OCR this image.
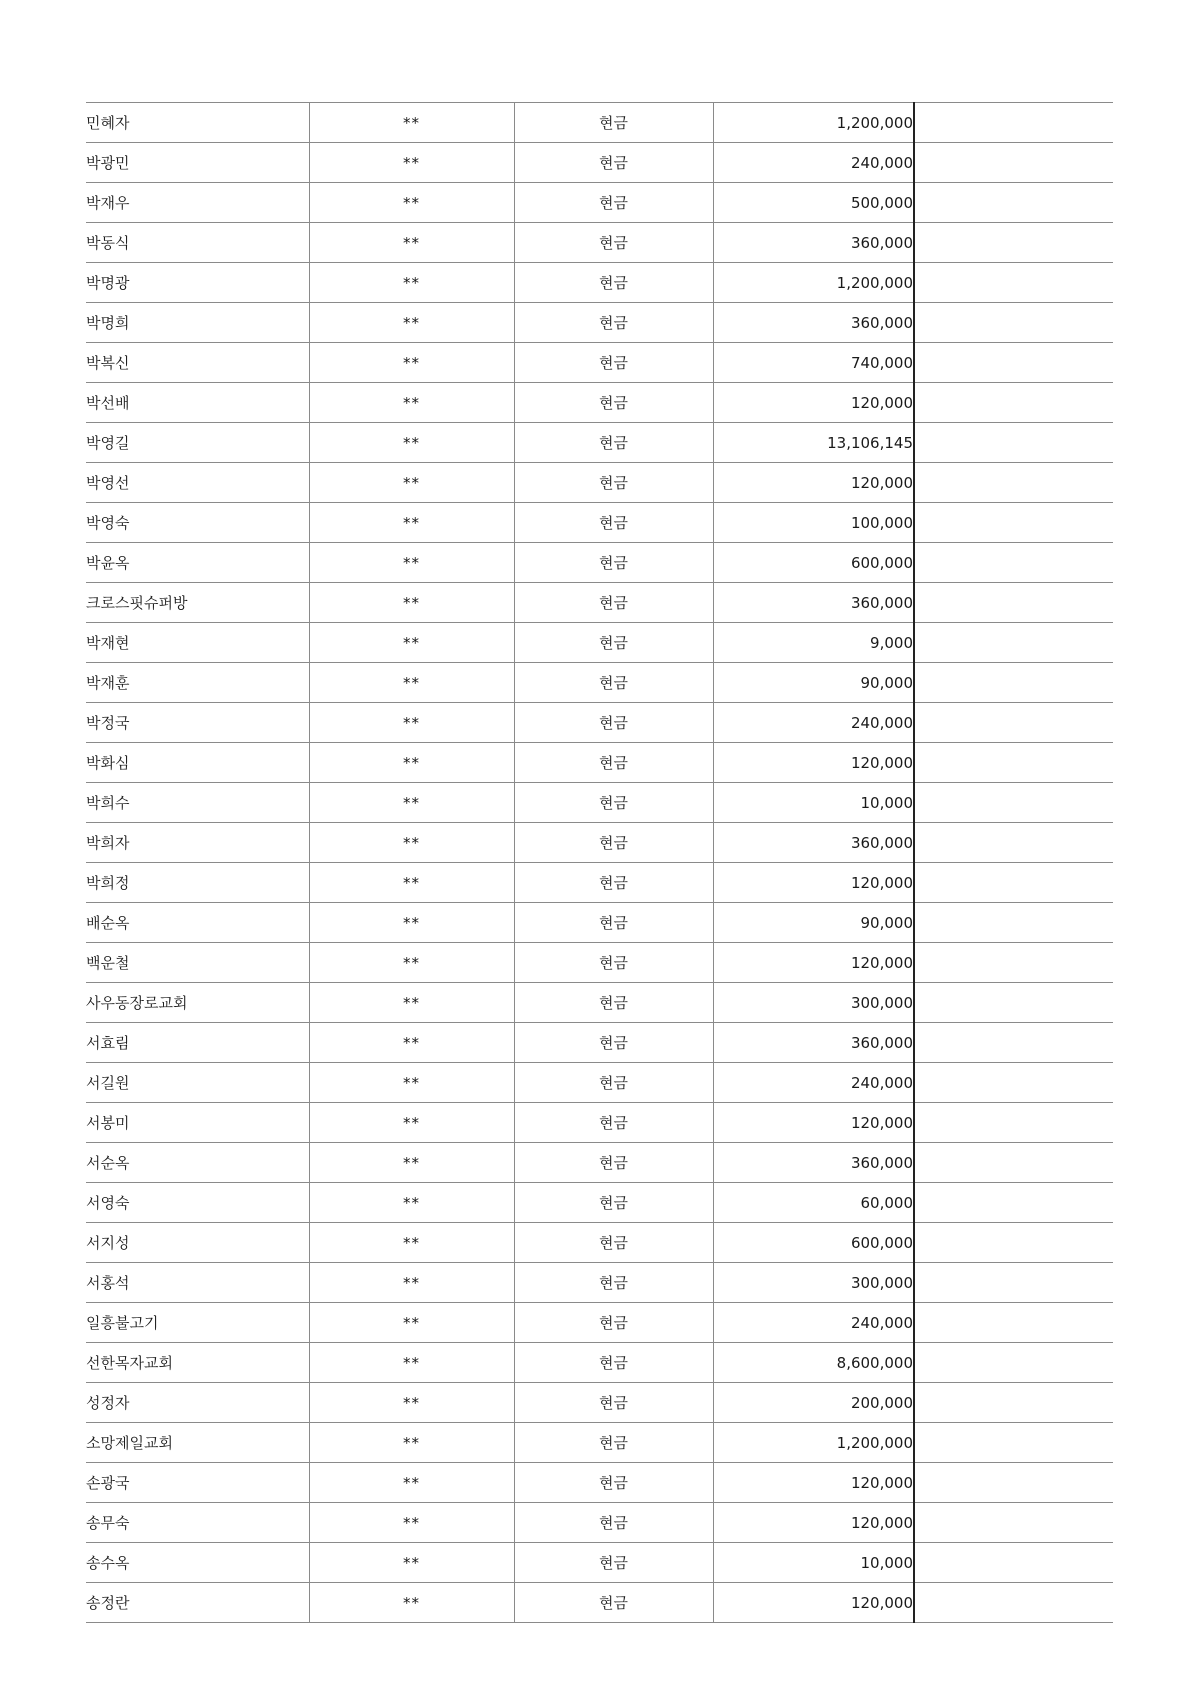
민혜자	**	현금	1,200,000	
박광민	**	현금	240,000	
박재우	**	현금	500,000	
박동식	**	현금	360,000	
박명광	**	현금	1,200,000	
박명희	**	현금	360,000	
박복신	**	현금	740,000	
박선배	**	현금	120,000	
박영길	**	현금	13,106,145	
박영선	**	현금	120,000	
박영숙	**	현금	100,000	
박윤옥	**	현금	600,000	
크로스핏슈퍼방	**	현금	360,000	
박재현	**	현금	9,000	
박재훈	**	현금	90,000	
박정국	**	현금	240,000	
박화심	**	현금	120,000	
박희수	**	현금	10,000	
박희자	**	현금	360,000	
박희정	**	현금	120,000	
배순옥	**	현금	90,000	
백운철	**	현금	120,000	
사우동장로교회	**	현금	300,000	
서효림	**	현금	360,000	
서길원	**	현금	240,000	
서봉미	**	현금	120,000	
서순옥	**	현금	360,000	
서영숙	**	현금	60,000	
서지성	**	현금	600,000	
서홍석	**	현금	300,000	
일흥불고기	**	현금	240,000	
선한목자교회	**	현금	8,600,000	
성정자	**	현금	200,000	
소망제일교회	**	현금	1,200,000	
손광국	**	현금	120,000	
송무숙	**	현금	120,000	
송수옥	**	현금	10,000	
송정란	**	현금	120,000	
